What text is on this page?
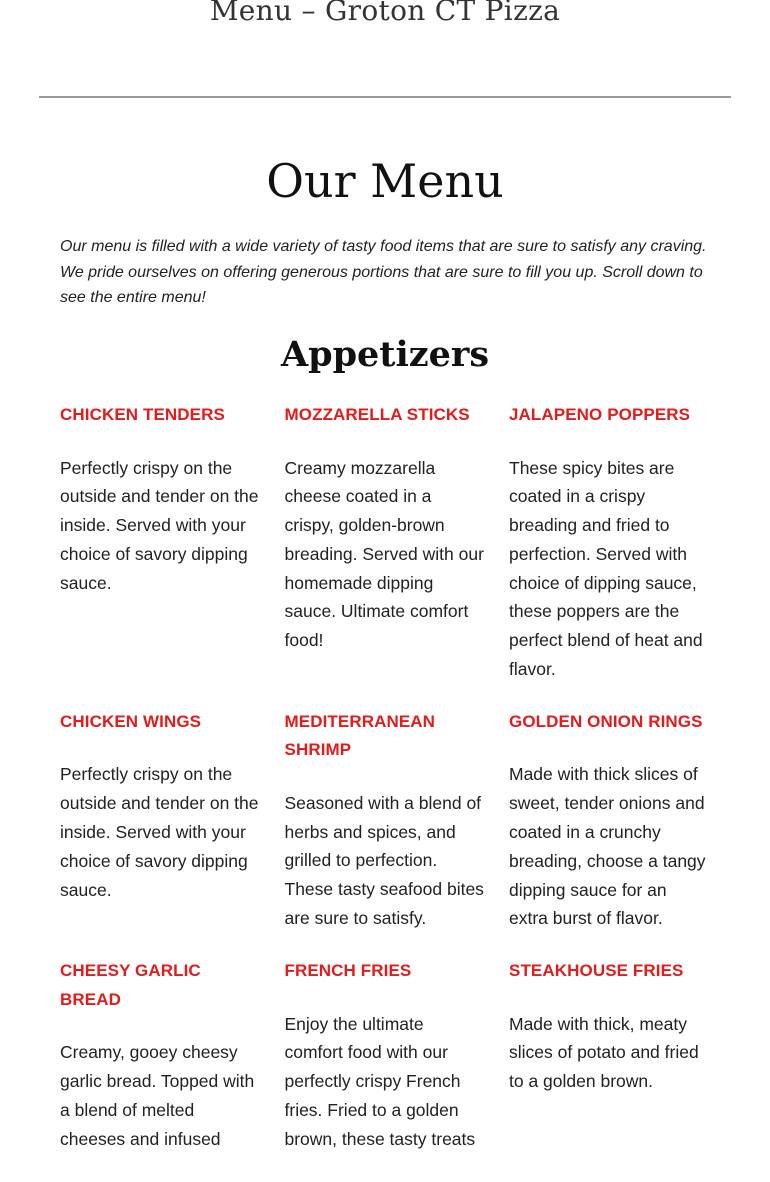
Menu – Groton CT Pizza
Our Menu

Our menu is filled with a wide variety of tasty food items that are sure to satisfy any craving. We pride ourselves on offering generous portions that are sure to fill you up. Scroll down to see the entire menu!

Appetizers
CHICKEN TENDERS

Perfectly crispy on the outside and tender on the inside. Served with your choice of savory dipping sauce.

MOZZARELLA STICKS

Creamy mozzarella cheese coated in a crispy, golden-brown breading. Served with our homemade dipping sauce. Ultimate comfort food!

JALAPENO POPPERS

These spicy bites are coated in a crispy breading and fried to perfection. Served with choice of dipping sauce, these poppers are the perfect blend of heat and flavor.

CHICKEN WINGS

Perfectly crispy on the outside and tender on the inside. Served with your choice of savory dipping sauce.

MEDITERRANEAN SHRIMP

Seasoned with a blend of herbs and spices, and grilled to perfection. These tasty seafood bites are sure to satisfy.

GOLDEN ONION RINGS

Made with thick slices of sweet, tender onions and coated in a crunchy breading, choose a tangy dipping sauce for an extra burst of flavor.

CHEESY GARLIC BREAD

Creamy, gooey cheesy garlic bread. Topped with a blend of melted cheeses and infused

FRENCH FRIES

Enjoy the ultimate comfort food with our perfectly crispy French fries. Fried to a golden brown, these tasty treats

STEAKHOUSE FRIES

Made with thick, meaty slices of potato and fried to a golden brown.
